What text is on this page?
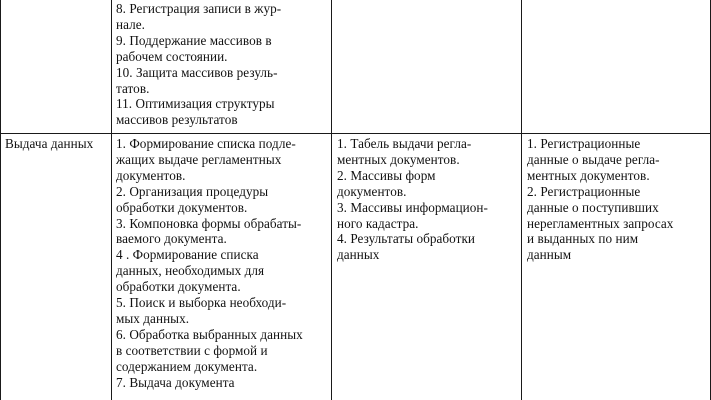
8. Регистрация записи в жур-
нале.
9. Поддержание массивов в
рабочем состоянии.
10. Защита массивов резуль-
татов.
11. Оптимизация структуры
массивов результатов
Выдача данных	1. Формирование списка подле-
жащих выдаче регламентных
документов.
2. Организация процедуры
обработки документов.
3. Компоновка формы обрабаты-
ваемого документа.
4 . Формирование списка
данных, необходимых для
обработки документа.
5. Поиск и выборка необходи-
мых данных.
6. Обработка выбранных данных
в соответствии с формой и
содержанием документа.
7. Выдача документа
1. Табель выдачи регла-
ментных документов.
2. Массивы форм
документов.
3. Массивы информацион-
ного кадастра.
4. Результаты обработки
данных
1. Регистрационные
данные о выдаче регла-
ментных документов.
2. Регистрационные
данные о поступивших
нерегламентных запросах
и выданных по ним
данным
